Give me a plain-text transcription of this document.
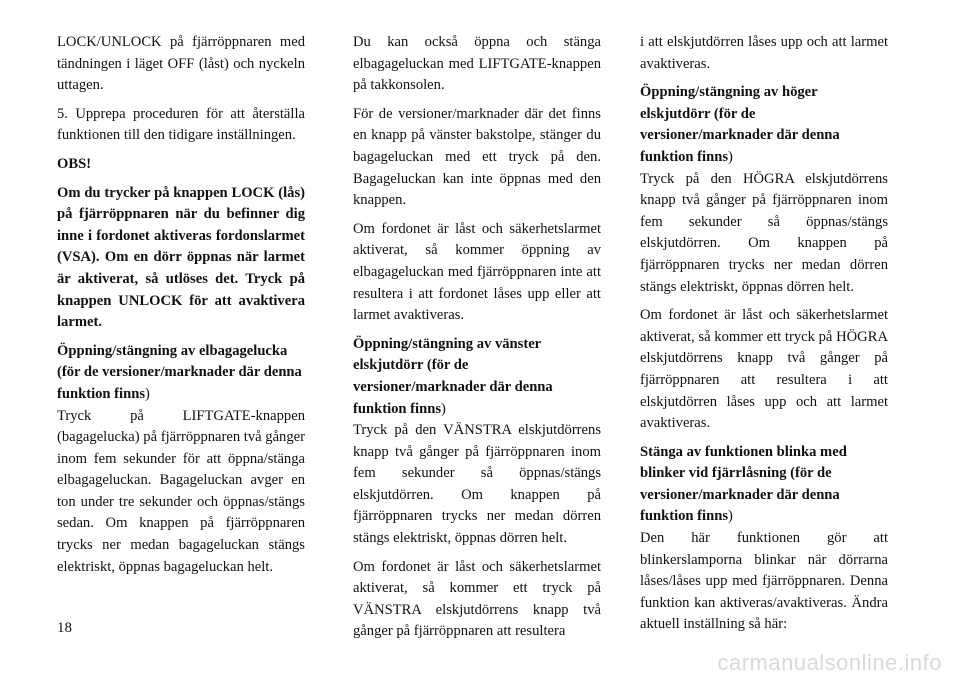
LOCK/UNLOCK på fjärröppnaren med tändningen i läget OFF (låst) och nyckeln uttagen.

5. Upprepa proceduren för att återställa funktionen till den tidigare inställningen.

OBS!

Om du trycker på knappen LOCK (lås) på fjärröppnaren när du befinner dig inne i fordonet aktiveras fordonslarmet (VSA). Om en dörr öppnas när larmet är aktiverat, så utlöses det. Tryck på knappen UNLOCK för att avaktivera larmet.

Öppning/stängning av elbagagelucka (för de versioner/marknader där denna funktion finns)

Tryck på LIFTGATE-knappen (bagagelucka) på fjärröppnaren två gånger inom fem sekunder för att öppna/stänga elbagageluckan. Bagageluckan avger en ton under tre sekunder och öppnas/stängs sedan. Om knappen på fjärröppnaren trycks ner medan bagageluckan stängs elektriskt, öppnas bagageluckan helt.

Du kan också öppna och stänga elbagageluckan med LIFTGATE-knappen på takkonsolen.

För de versioner/marknader där det finns en knapp på vänster bakstolpe, stänger du bagageluckan med ett tryck på den. Bagageluckan kan inte öppnas med den knappen.

Om fordonet är låst och säkerhetslarmet aktiverat, så kommer öppning av elbagageluckan med fjärröppnaren inte att resultera i att fordonet låses upp eller att larmet avaktiveras.

Öppning/stängning av vänster elskjutdörr (för de versioner/marknader där denna funktion finns)

Tryck på den VÄNSTRA elskjutdörrens knapp två gånger på fjärröppnaren inom fem sekunder så öppnas/stängs elskjutdörren. Om knappen på fjärröppnaren trycks ner medan dörren stängs elektriskt, öppnas dörren helt.

Om fordonet är låst och säkerhetslarmet aktiverat, så kommer ett tryck på VÄNSTRA elskjutdörrens knapp två gånger på fjärröppnaren att resultera

i att elskjutdörren låses upp och att larmet avaktiveras.

Öppning/stängning av höger elskjutdörr (för de versioner/marknader där denna funktion finns)

Tryck på den HÖGRA elskjutdörrens knapp två gånger på fjärröppnaren inom fem sekunder så öppnas/stängs elskjutdörren. Om knappen på fjärröppnaren trycks ner medan dörren stängs elektriskt, öppnas dörren helt.

Om fordonet är låst och säkerhetslarmet aktiverat, så kommer ett tryck på HÖGRA elskjutdörrens knapp två gånger på fjärröppnaren att resultera i att elskjutdörren låses upp och att larmet avaktiveras.

Stänga av funktionen blinka med blinker vid fjärrlåsning (för de versioner/marknader där denna funktion finns)

Den här funktionen gör att blinkerslamporna blinkar när dörrarna låses/låses upp med fjärröppnaren. Denna funktion kan aktiveras/avaktiveras. Ändra aktuell inställning så här:

18
carmanualsonline.info
